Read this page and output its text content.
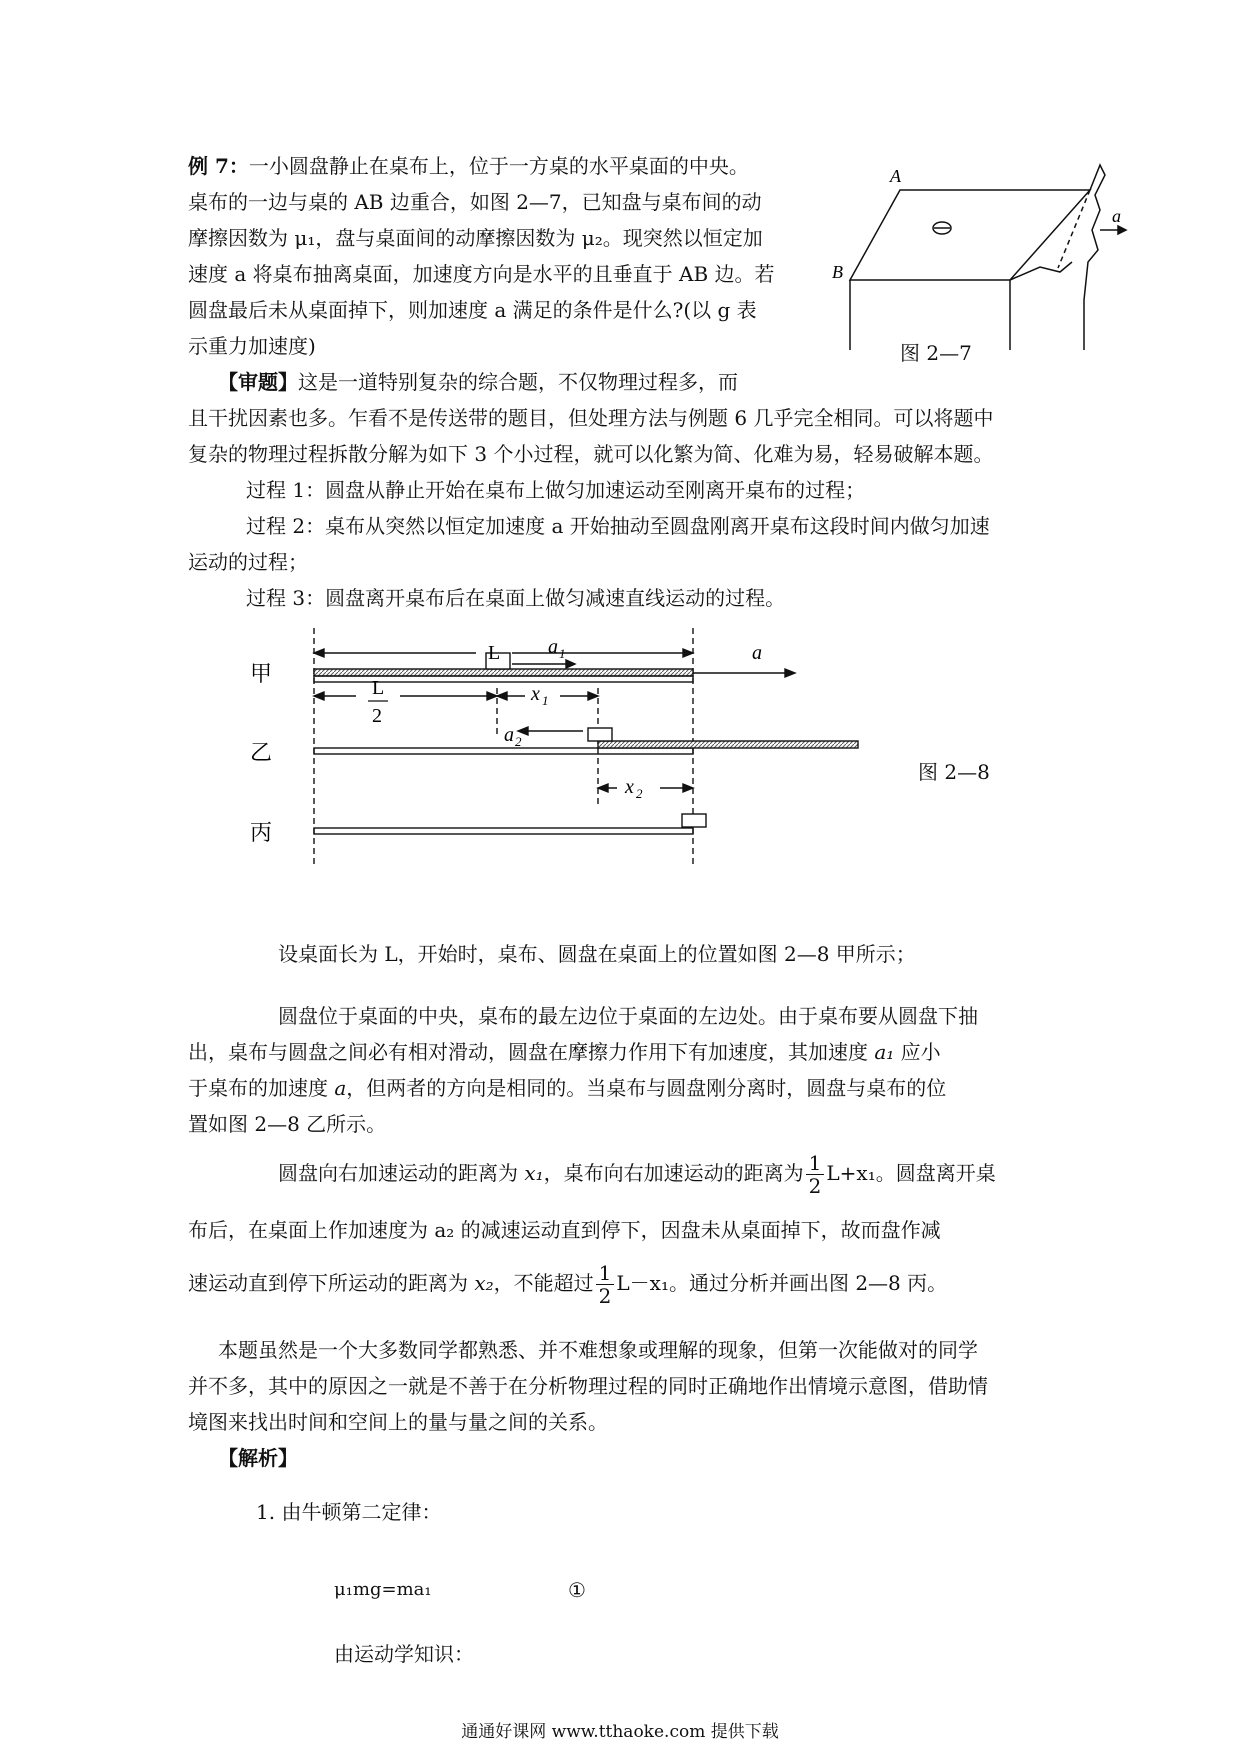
例 7：一小圆盘静止在桌布上，位于一方桌的水平桌面的中央。
桌布的一边与桌的 AB 边重合，如图 2—7，已知盘与桌布间的动
摩擦因数为 μ₁，盘与桌面间的动摩擦因数为 μ₂。现突然以恒定加
速度 a 将桌布抽离桌面，加速度方向是水平的且垂直于 AB 边。若
圆盘最后未从桌面掉下，则加速度 a 满足的条件是什么?(以 g 表
示重力加速度)
A
B
a
图 2—7
【审题】这是一道特别复杂的综合题，不仅物理过程多，而
且干扰因素也多。乍看不是传送带的题目，但处理方法与例题 6 几乎完全相同。可以将题中
复杂的物理过程拆散分解为如下 3 个小过程，就可以化繁为简、化难为易，轻易破解本题。
过程 1：圆盘从静止开始在桌布上做匀加速运动至刚离开桌布的过程；
过程 2：桌布从突然以恒定加速度 a 开始抽动至圆盘刚离开桌布这段时间内做匀加速
运动的过程；
过程 3：圆盘离开桌布后在桌面上做匀减速直线运动的过程。
甲
乙
丙
L a 1	a
L
2
x 1
a 2
x 2
图 2—8
设桌面长为 L，开始时，桌布、圆盘在桌面上的位置如图 2—8 甲所示；
圆盘位于桌面的中央，桌布的最左边位于桌面的左边处。由于桌布要从圆盘下抽
出，桌布与圆盘之间必有相对滑动，圆盘在摩擦力作用下有加速度，其加速度 a₁ 应小
于桌布的加速度 a，但两者的方向是相同的。当桌布与圆盘刚分离时，圆盘与桌布的位
置如图 2—8 乙所示。
圆盘向右加速运动的距离为 x₁，桌布向右加速运动的距离为 $\frac{1}{2} L+x_1$。圆盘离开桌
布后，在桌面上作加速度为 a₂ 的减速运动直到停下，因盘未从桌面掉下，故而盘作减
速运动直到停下所运动的距离为 x₂，不能超过 $\frac{1}{2} L-x_1$。通过分析并画出图 2—8 丙。
本题虽然是一个大多数同学都熟悉、并不难想象或理解的现象，但第一次能做对的同学
并不多，其中的原因之一就是不善于在分析物理过程的同时正确地作出情境示意图，借助情
境图来找出时间和空间上的量与量之间的关系。
【解析】
1. 由牛顿第二定律：
μ₁mg=ma₁	①
由运动学知识：
通通好课网 www.tthaoke.com 提供下载
